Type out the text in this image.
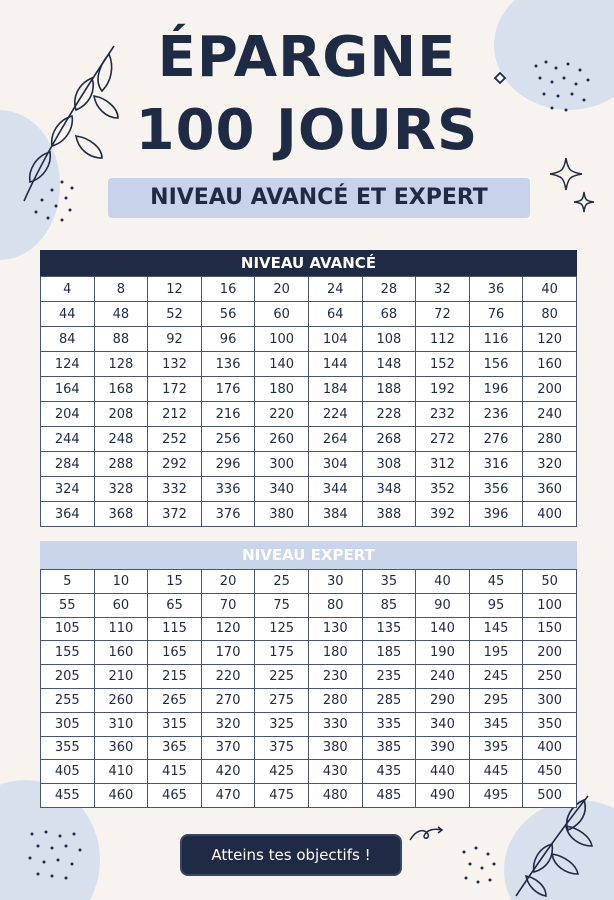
ÉPARGNE
100 JOURS
NIVEAU AVANCÉ ET EXPERT
NIVEAU AVANCÉ
4	8	12	16	20	24	28	32	36	40
44	48	52	56	60	64	68	72	76	80
84	88	92	96	100	104	108	112	116	120
124	128	132	136	140	144	148	152	156	160
164	168	172	176	180	184	188	192	196	200
204	208	212	216	220	224	228	232	236	240
244	248	252	256	260	264	268	272	276	280
284	288	292	296	300	304	308	312	316	320
324	328	332	336	340	344	348	352	356	360
364	368	372	376	380	384	388	392	396	400
NIVEAU EXPERT
5	10	15	20	25	30	35	40	45	50
55	60	65	70	75	80	85	90	95	100
105	110	115	120	125	130	135	140	145	150
155	160	165	170	175	180	185	190	195	200
205	210	215	220	225	230	235	240	245	250
255	260	265	270	275	280	285	290	295	300
305	310	315	320	325	330	335	340	345	350
355	360	365	370	375	380	385	390	395	400
405	410	415	420	425	430	435	440	445	450
455	460	465	470	475	480	485	490	495	500
Atteins tes objectifs !
